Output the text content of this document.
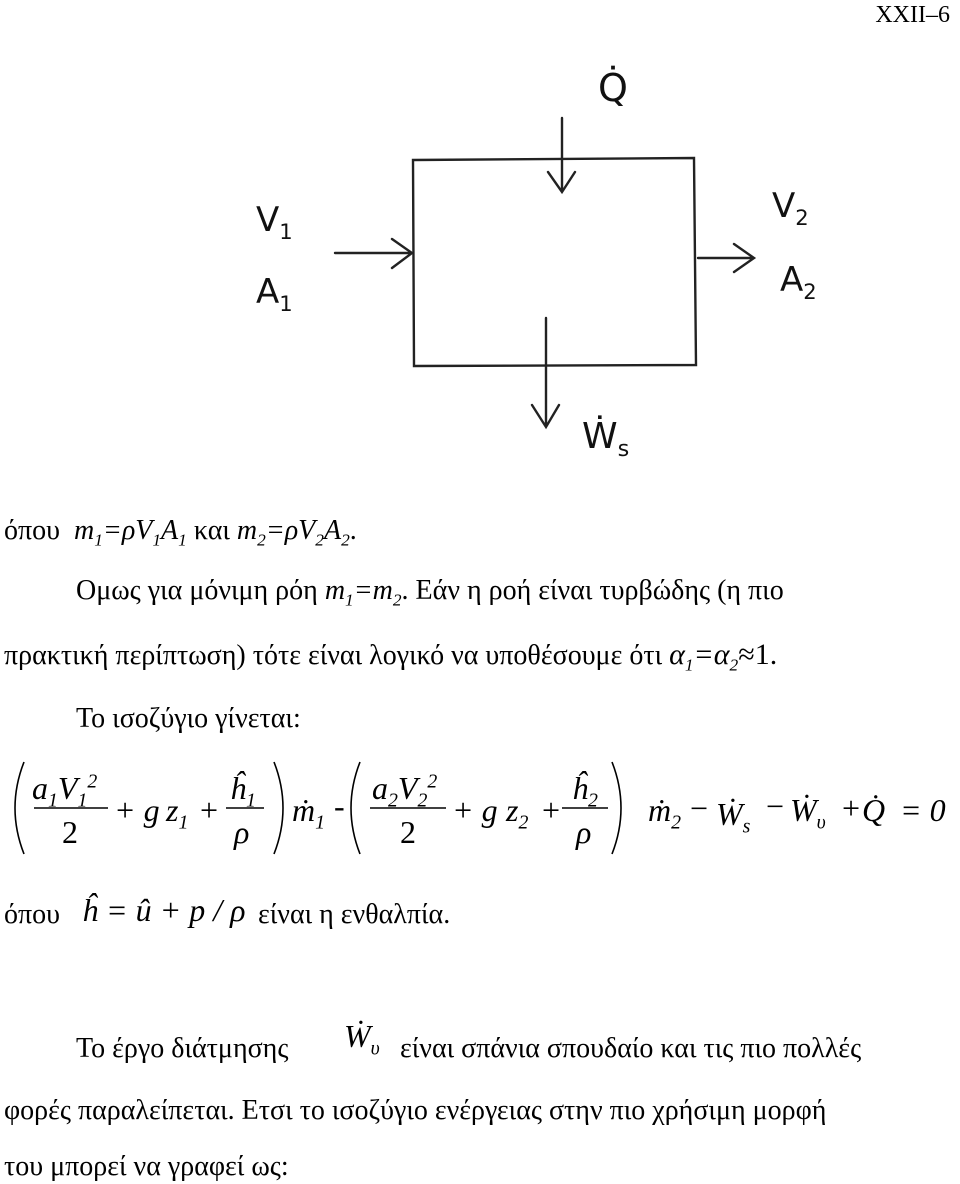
XXII–6
Q̇
$V_1$
$A_1$
$V_2$
$A_2$
Ẇ$_s$
όπου $m_1=\rho V_1A_1$ και $m_2=\rho V_2A_2$.
Ομως για μόνιμη ρόη $m_1=m_2$. Εάν η ροή είναι τυρβώδης (η πιο
πρακτική περίπτωση) τότε είναι λογικό να υποθέσουμε ότι $\alpha_1=\alpha_2\approx 1$.
Το ισοζύγιο γίνεται:
$a_1V_1^2$
2
+ g $z_1$ +
$ĥ_1$
ρ
ṁ$_1$ - $a_2V_2^2$
2
+ g $z_2$ +
$ĥ_2$
ρ
ṁ$_2$ − Ẇ$_s$
− Ẇ$_\upsilon$ + Q̇ = 0
όπου ĥ = û + p / ρ είναι η ενθαλπία.
Το έργο διάτμησης Ẇ$_\upsilon$ είναι σπάνια σπουδαίο και τις πιο πολλές
φορές παραλείπεται. Ετσι το ισοζύγιο ενέργειας στην πιο χρήσιμη μορφή
του μπορεί να γραφεί ως:
